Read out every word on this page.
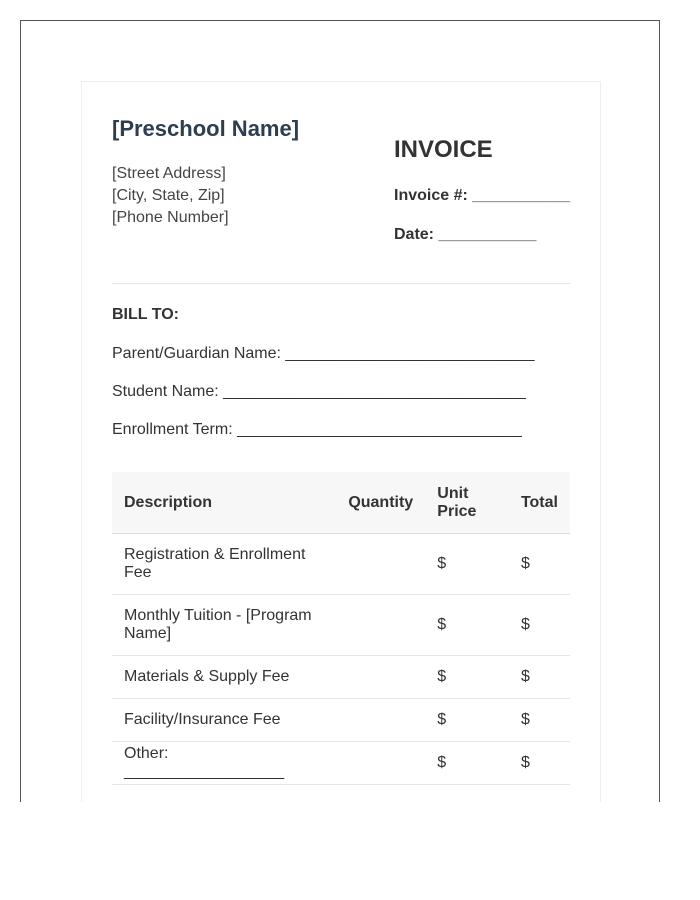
[Preschool Name]
[Street Address]
[City, State, Zip]
[Phone Number]
INVOICE
Invoice #: ___________
Date: ___________
BILL TO:
Parent/Guardian Name: ____________________________
Student Name: __________________________________
Enrollment Term: ________________________________
Description	Quantity	Unit Price	Total
Registration & Enrollment Fee		$	$
Monthly Tuition - [Program Name]		$	$
Materials & Supply Fee		$	$
Facility/Insurance Fee		$	$
Other: __________________		$	$
